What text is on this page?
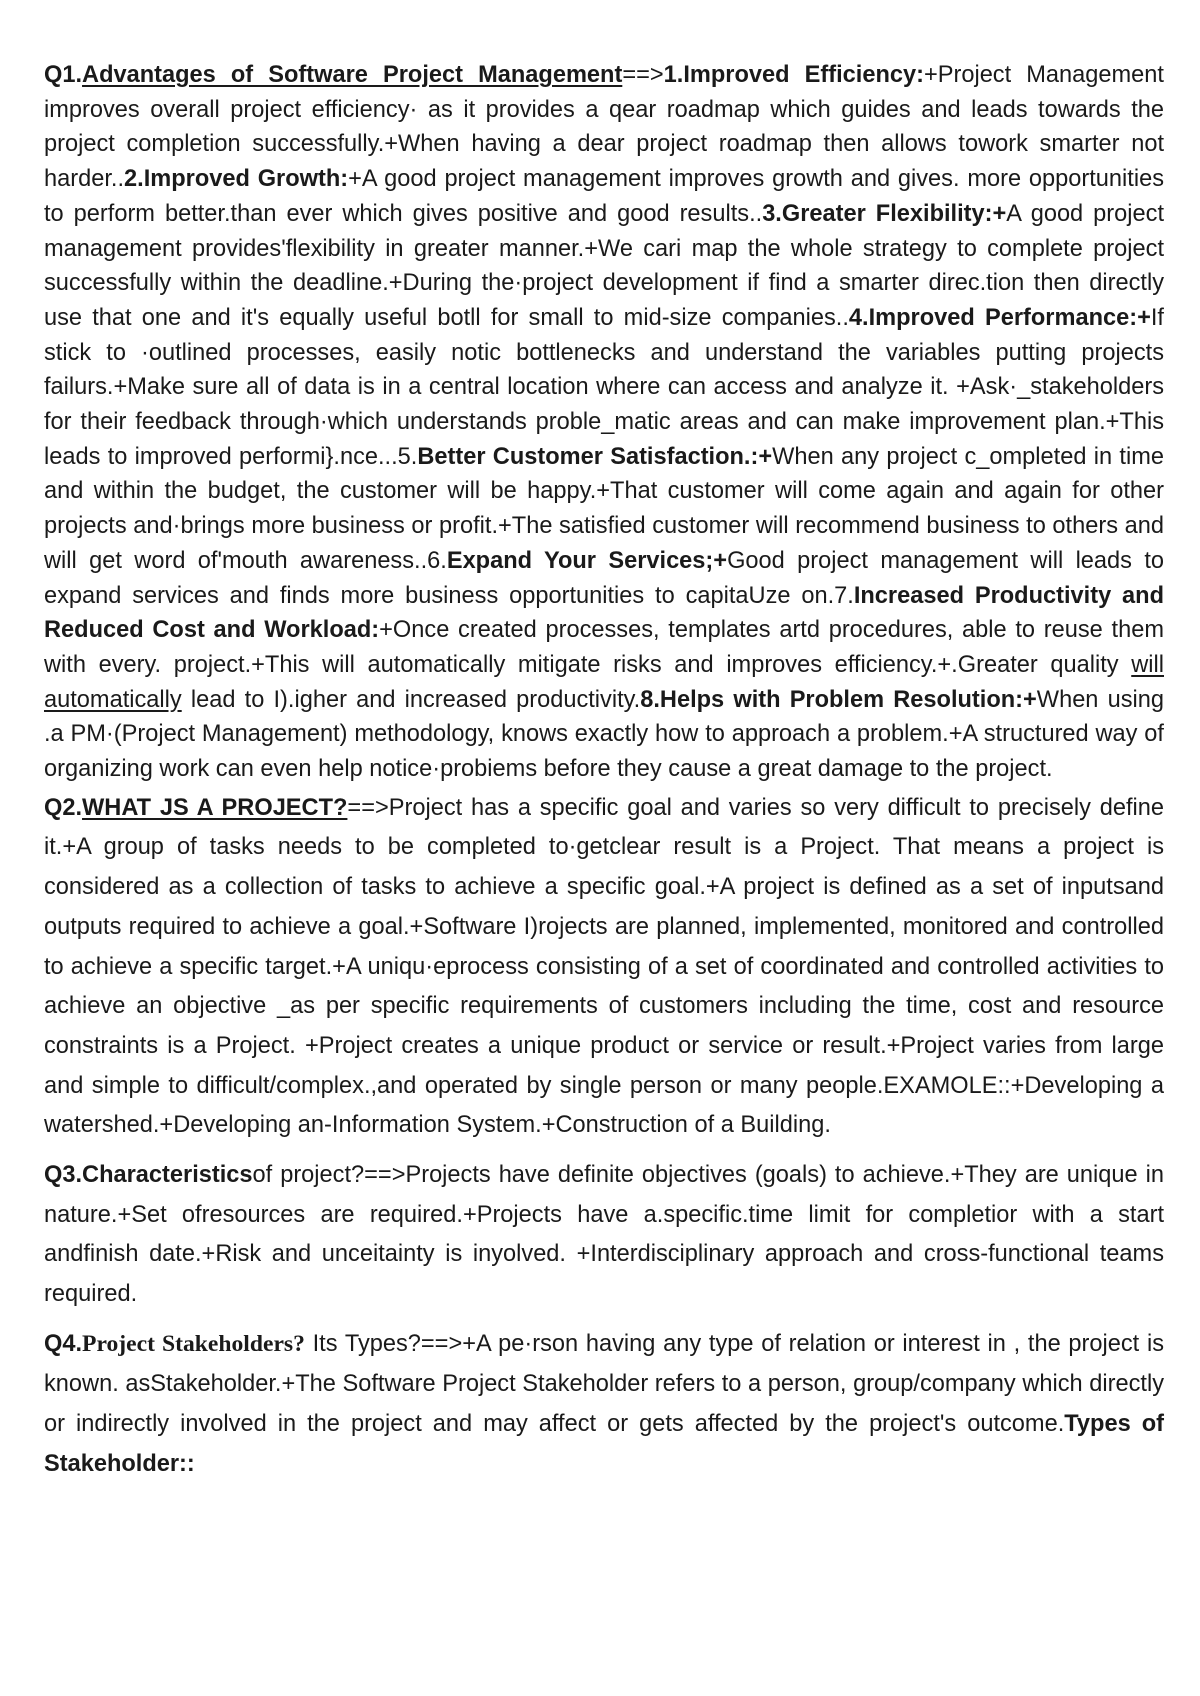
Q1.Advantages of Software Project Management==>1.Improved Efficiency:+Project Management improves overall project efficiency· as it provides a qear roadmap which guides and leads towards the project completion successfully.+When having a dear project roadmap then allows towork smarter not harder..2.Improved Growth:+A good project management improves growth and gives. more opportunities to perform better.than ever which gives positive and good results..3.Greater Flexibility:+A good project management provides'flexibility in greater manner.+We cari map the whole strategy to complete project successfully within the deadline.+During the·project development if find a smarter direc.tion then directly use that one and it's equally useful botll for small to mid-size companies..4.Improved Performance:+If stick to ·outlined processes, easily notic bottlenecks and understand the variables putting projects failurs.+Make sure all of data is in a central location where can access and analyze it. +Ask·_stakeholders for their feedback through·which understands proble_matic areas and can make improvement plan.+This leads to improved performi}.nce...5.Better Customer Satisfaction.:+When any project c_ompleted in time and within the budget, the customer will be happy.+That customer will come again and again for other projects and·brings more business or profit.+The satisfied customer will recommend business to others and will get word of'mouth awareness..6.Expand Your Services;+Good project management will leads to expand services and finds more business opportunities to capitaUze on.7.Increased Productivity and Reduced Cost and Workload:+Once created processes, templates artd procedures, able to reuse them with every. project.+This will automatically mitigate risks and improves efficiency.+.Greater quality will automatically lead to I).igher and increased productivity.8.Helps with Problem Resolution:+When using .a PM·(Project Management) methodology, knows exactly how to approach a problem.+A structured way of organizing work can even help notice·probiems before they cause a great damage to the project.

Q2.WHAT JS A PROJECT?==>Project has a specific goal and varies so very difficult to precisely define it.+A group of tasks needs to be completed to·getclear result is a Project. That means a project is considered as a collection of tasks to achieve a specific goal.+A project is defined as a set of inputsand outputs required to achieve a goal.+Software I)rojects are planned, implemented, monitored and controlled to achieve a specific target.+A uniqu·eprocess consisting of a set of coordinated and controlled activities to achieve an objective _as per specific requirements of customers including the time, cost and resource constraints is a Project. +Project creates a unique product or service or result.+Project varies from large and simple to difficult/complex.,and operated by single person or many people.EXAMOLE::+Developing a watershed.+Developing an-Information System.+Construction of a Building.

Q3.Characteristicsof project?==>Projects have definite objectives (goals) to achieve.+They are unique in nature.+Set ofresources are required.+Projects have a.specific.time limit for completior with a start andfinish date.+Risk and unceitainty is inyolved. +Interdisciplinary approach and cross-functional teams required.

Q4.Project Stakeholders? Its Types?==>+A pe·rson having any type of relation or interest in , the project is known. asStakeholder.+The Software Project Stakeholder refers to a person, group/company which directly or indirectly involved in the project and may affect or gets affected by the project's outcome.Types of Stakeholder::
